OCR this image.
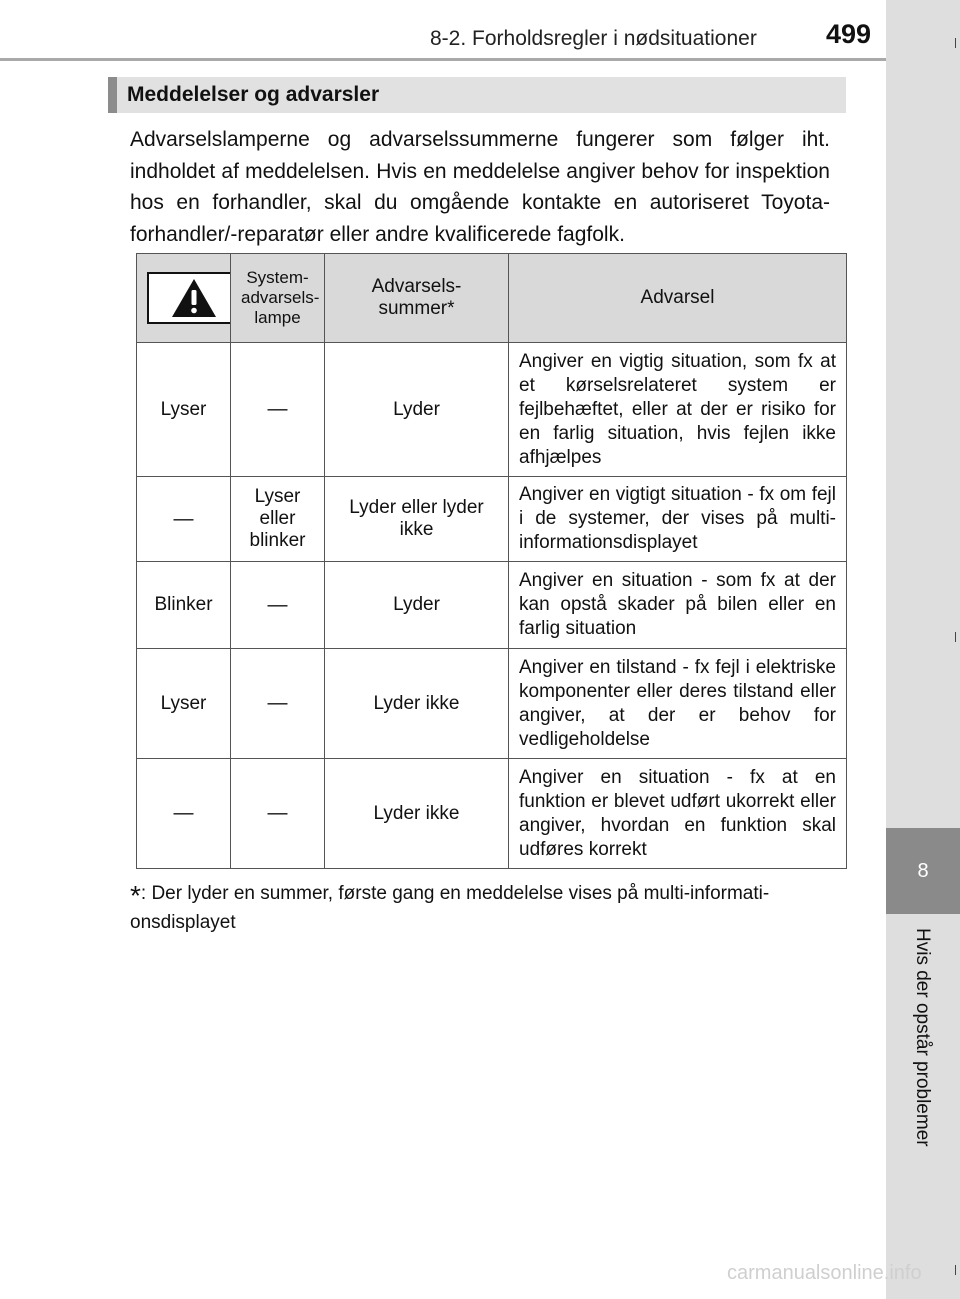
8-2. Forholdsregler i nødsituationer	499
8
Hvis der opstår problemer
Meddelelser og advarsler
Advarselslamperne og advarselssummerne fungerer som følger iht. indholdet af meddelelsen. Hvis en meddelelse angiver behov for inspektion hos en forhandler, skal du omgående kontakte en autoriseret Toyota-forhandler/-reparatør eller andre kvalificerede fagfolk.
	System-advarsels-lampe	Advarsels-summer*	Advarsel
Lyser	—	Lyder	Angiver en vigtig situation, som fx at et kørselsrelateret system er fejlbehæftet, eller at der er risiko for en farlig situation, hvis fejlen ikke afhjælpes
—	Lyser eller blinker	Lyder eller lyder ikke	Angiver en vigtigt situation - fx om fejl i de systemer, der vises på multi-informationsdisplayet
Blinker	—	Lyder	Angiver en situation - som fx at der kan opstå skader på bilen eller en farlig situation
Lyser	—	Lyder ikke	Angiver en tilstand - fx fejl i elektriske komponenter eller deres tilstand eller angiver, at der er behov for vedligeholdelse
—	—	Lyder ikke	Angiver en situation - fx at en funktion er blevet udført ukorrekt eller angiver, hvordan en funktion skal udføres korrekt
*: Der lyder en summer, første gang en meddelelse vises på multi-informationsdisplayet
carmanualsonline.info
